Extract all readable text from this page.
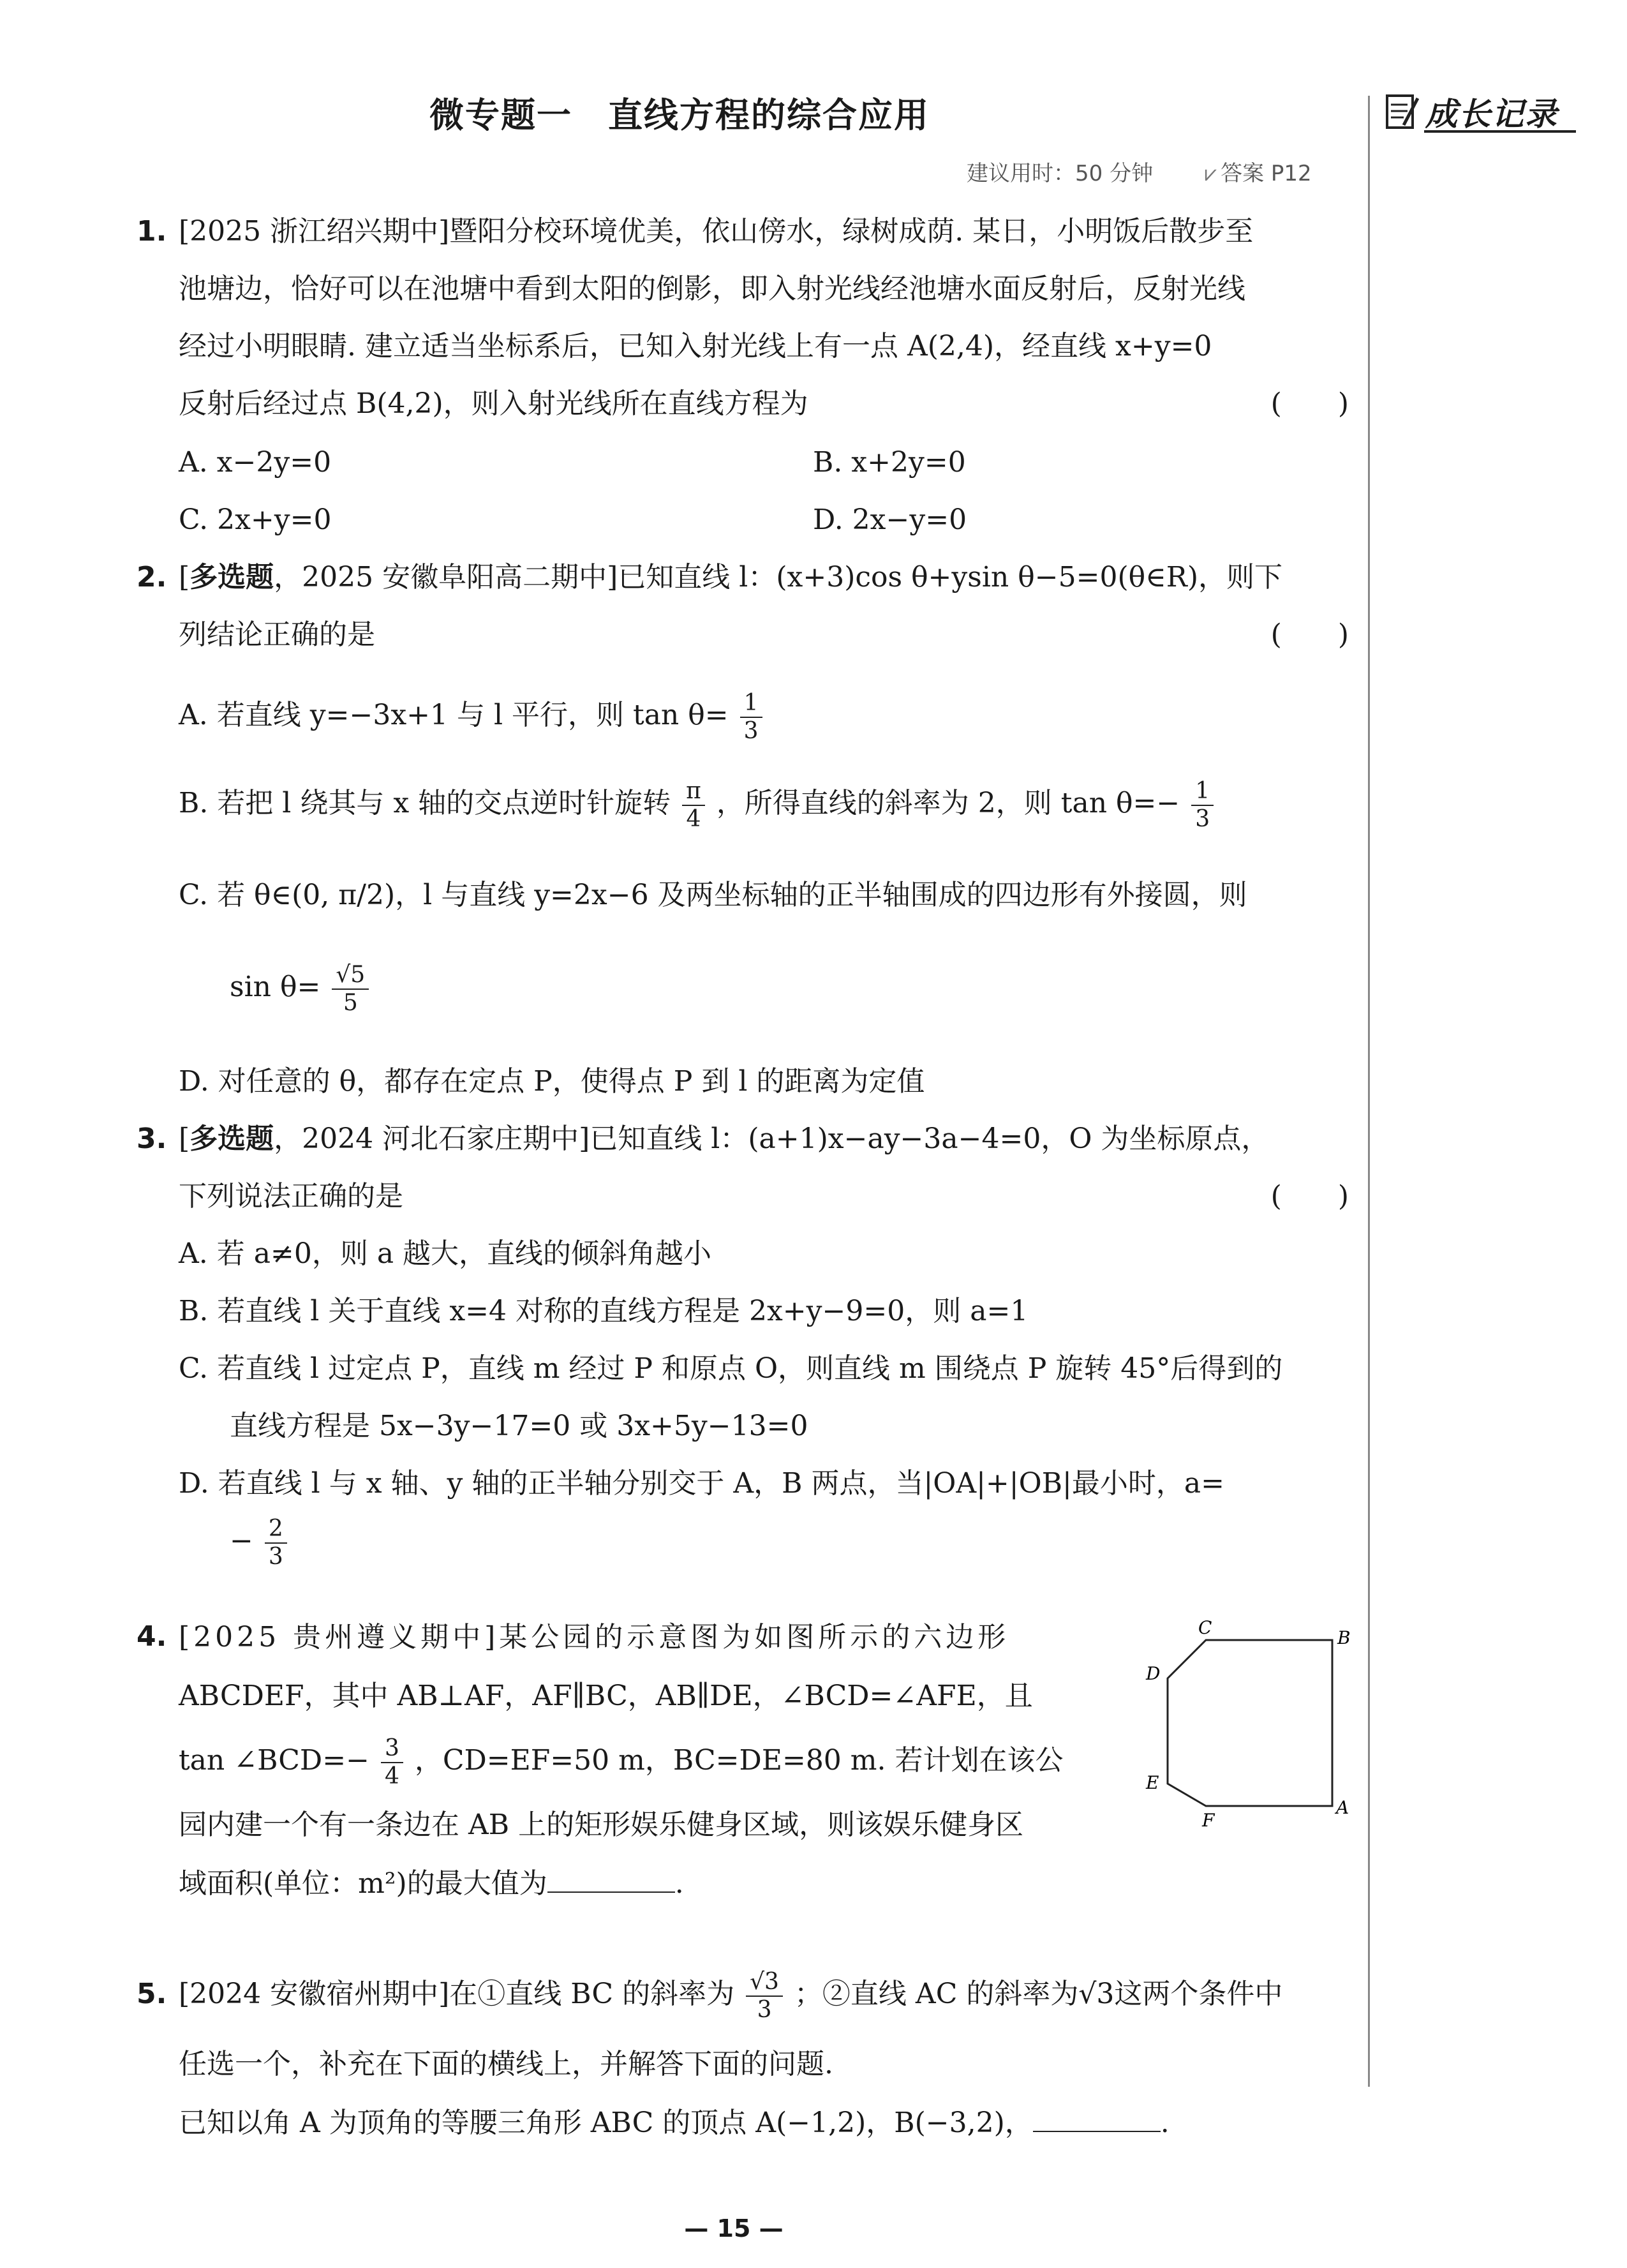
微专题一　直线方程的综合应用	成长记录
建议用时：50 分钟 ⩗ 答案 P12
1. [2025 浙江绍兴期中]暨阳分校环境优美，依山傍水，绿树成荫. 某日，小明饭后散步至
池塘边，恰好可以在池塘中看到太阳的倒影，即入射光线经池塘水面反射后，反射光线
经过小明眼睛. 建立适当坐标系后，已知入射光线上有一点 A(2,4)，经直线 x+y=0
反射后经过点 B(4,2)，则入射光线所在直线方程为	(　　)
A. x−2y=0	B. x+2y=0
C. 2x+y=0	D. 2x−y=0
2. [多选题，2025 安徽阜阳高二期中]已知直线 l：(x+3)cos θ+ysin θ−5=0(θ∈R)，则下
列结论正确的是	(　　)
A. 若直线 y=−3x+1 与 l 平行，则 $\tan \theta= \frac{1}{3}$
B. 若把 l 绕其与 x 轴的交点逆时针旋转 $\frac{\pi}{4}$ ，所得直线的斜率为 2，则 $\tan \theta=- \frac{1}{3}$
C. 若 θ∈(0, π/2)，l 与直线 y=2x−6 及两坐标轴的正半轴围成的四边形有外接圆，则
$\sin \theta= \frac{√5}{5}$
D. 对任意的 θ，都存在定点 P，使得点 P 到 l 的距离为定值
3. [多选题，2024 河北石家庄期中]已知直线 l：(a+1)x−ay−3a−4=0，O 为坐标原点，
下列说法正确的是
A. 若 a≠0，则 a 越大，直线的倾斜角越小
B. 若直线 l 关于直线 x=4 对称的直线方程是 2x+y−9=0，则 a=1
C. 若直线 l 过定点 P，直线 m 经过 P 和原点 O，则直线 m 围绕点 P 旋转 45°后得到的
直线方程是 5x−3y−17=0 或 3x+5y−13=0
D. 若直线 l 与 x 轴、y 轴的正半轴分别交于 A，B 两点，当|OA|+|OB|最小时，a=
− $\frac{2}{3}$
(　　)
4. [2025 贵州遵义期中]某公园的示意图为如图所示的六边形
ABCDEF，其中 AB⊥AF，AF∥BC，AB∥DE，∠BCD=∠AFE，且
tan ∠BCD=− $\frac{3}{4}$ ，CD=EF=50 m，BC=DE=80 m. 若计划在该公
园内建一个有一条边在 AB 上的矩形娱乐健身区域，则该娱乐健身区
域面积(单位：m²)的最大值为	.
C	B
D
E
F
A
5. [2024 安徽宿州期中]在①直线 BC 的斜率为 $\frac{√3}{3}$ ；②直线 AC 的斜率为√3这两个条件中
任选一个，补充在下面的横线上，并解答下面的问题.
已知以角 A 为顶角的等腰三角形 ABC 的顶点 A(−1,2)，B(−3,2)，	.
— 15 —
